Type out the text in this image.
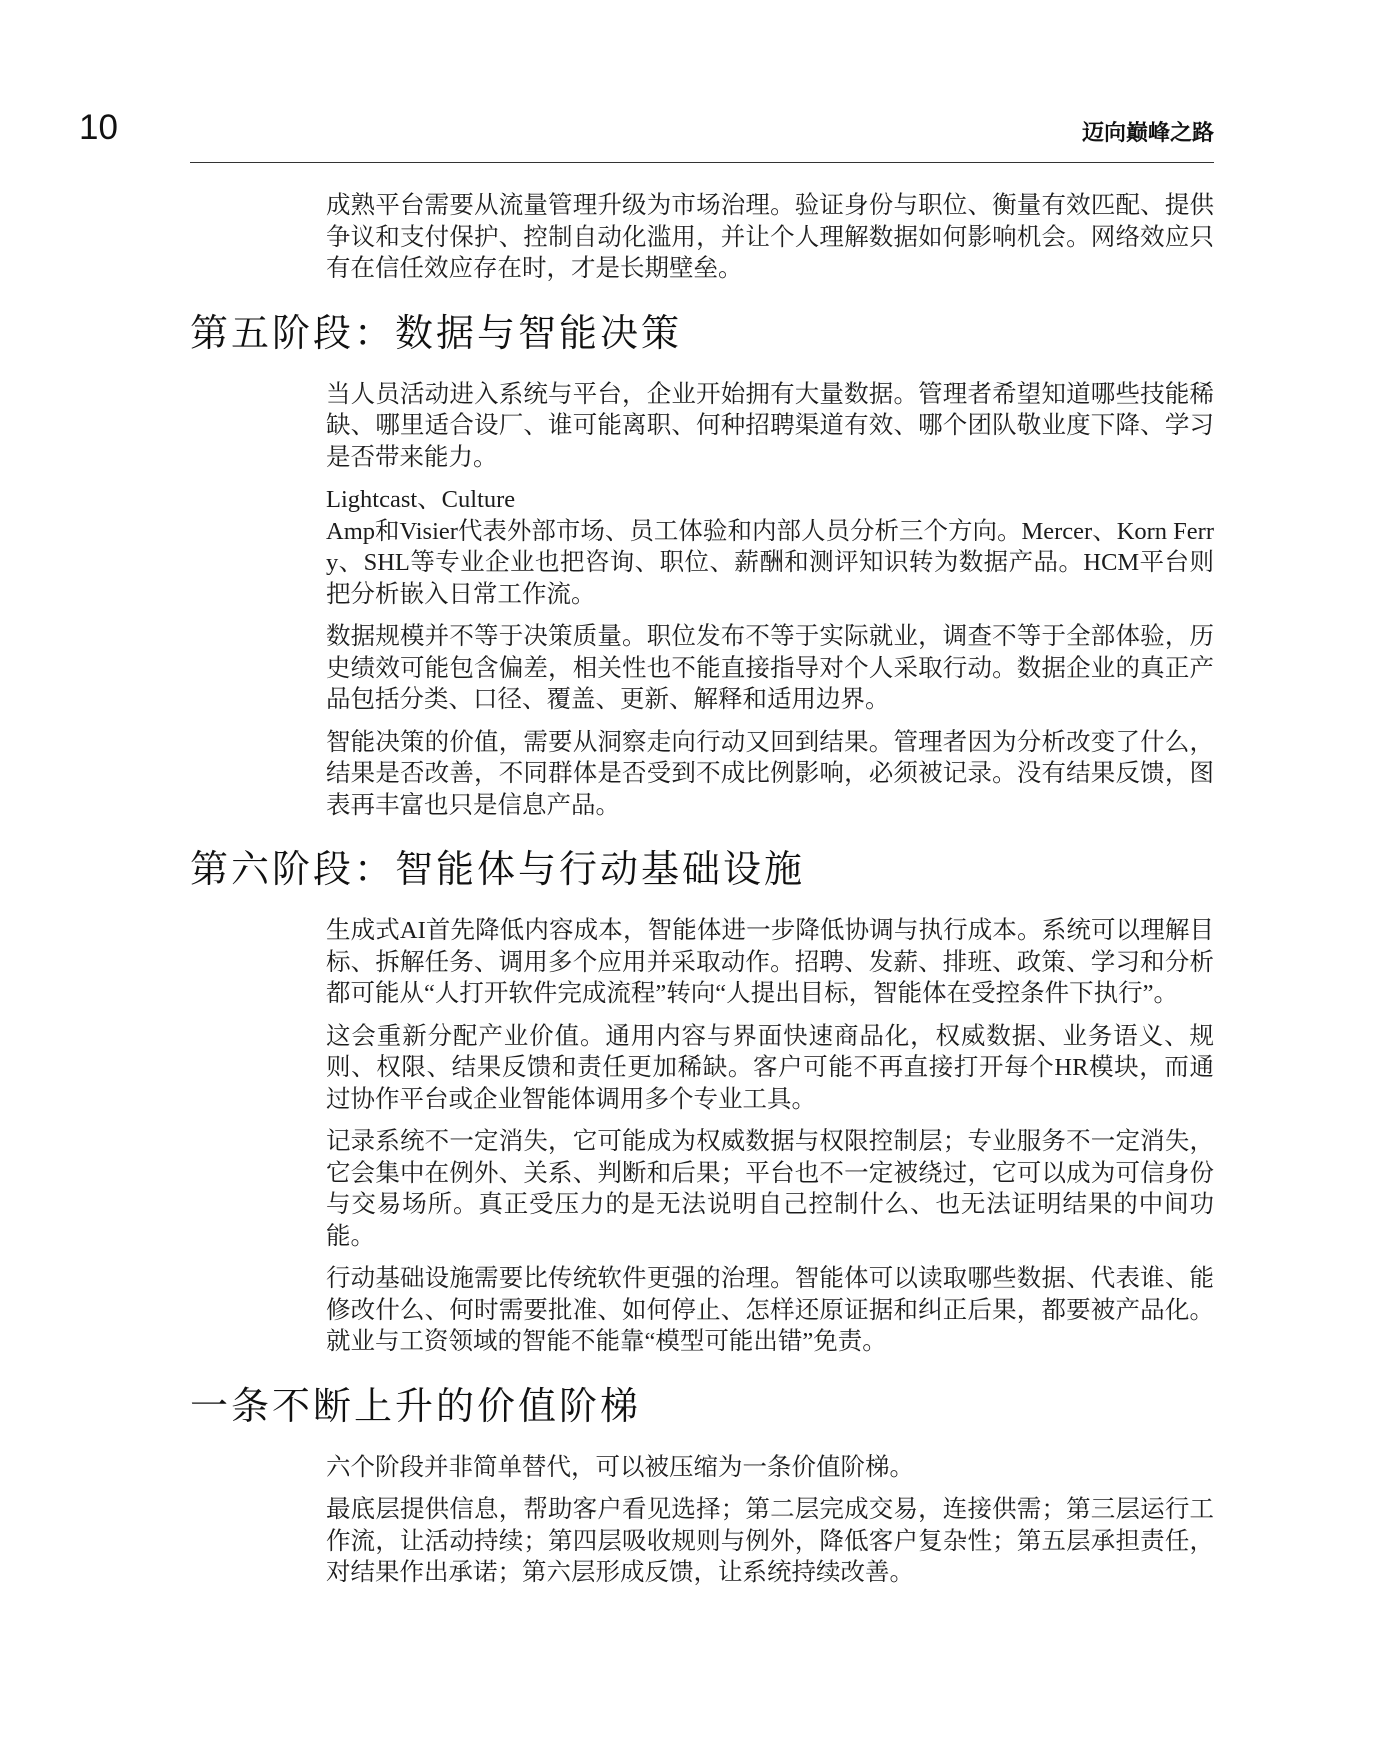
10	迈向巅峰之路

成熟平台需要从流量管理升级为市场治理。验证身份与职位、衡量有效匹配、提供争议和支付保护、控制自动化滥用，并让个人理解数据如何影响机会。网络效应只有在信任效应存在时，才是长期壁垒。

第五阶段：数据与智能决策

当人员活动进入系统与平台，企业开始拥有大量数据。管理者希望知道哪些技能稀缺、哪里适合设厂、谁可能离职、何种招聘渠道有效、哪个团队敬业度下降、学习是否带来能力。

Lightcast、Culture

Amp和Visier代表外部市场、员工体验和内部人员分析三个方向。Mercer、Korn Ferry、SHL等专业企业也把咨询、职位、薪酬和测评知识转为数据产品。HCM平台则把分析嵌入日常工作流。

数据规模并不等于决策质量。职位发布不等于实际就业，调查不等于全部体验，历史绩效可能包含偏差，相关性也不能直接指导对个人采取行动。数据企业的真正产品包括分类、口径、覆盖、更新、解释和适用边界。

智能决策的价值，需要从洞察走向行动又回到结果。管理者因为分析改变了什么，结果是否改善，不同群体是否受到不成比例影响，必须被记录。没有结果反馈，图表再丰富也只是信息产品。

第六阶段：智能体与行动基础设施

生成式AI首先降低内容成本，智能体进一步降低协调与执行成本。系统可以理解目标、拆解任务、调用多个应用并采取动作。招聘、发薪、排班、政策、学习和分析都可能从“人打开软件完成流程”转向“人提出目标，智能体在受控条件下执行”。

这会重新分配产业价值。通用内容与界面快速商品化，权威数据、业务语义、规则、权限、结果反馈和责任更加稀缺。客户可能不再直接打开每个HR模块，而通过协作平台或企业智能体调用多个专业工具。

记录系统不一定消失，它可能成为权威数据与权限控制层；专业服务不一定消失，它会集中在例外、关系、判断和后果；平台也不一定被绕过，它可以成为可信身份与交易场所。真正受压力的是无法说明自己控制什么、也无法证明结果的中间功能。

行动基础设施需要比传统软件更强的治理。智能体可以读取哪些数据、代表谁、能修改什么、何时需要批准、如何停止、怎样还原证据和纠正后果，都要被产品化。就业与工资领域的智能不能靠“模型可能出错”免责。

一条不断上升的价值阶梯

六个阶段并非简单替代，可以被压缩为一条价值阶梯。

最底层提供信息，帮助客户看见选择；第二层完成交易，连接供需；第三层运行工作流，让活动持续；第四层吸收规则与例外，降低客户复杂性；第五层承担责任，对结果作出承诺；第六层形成反馈，让系统持续改善。
